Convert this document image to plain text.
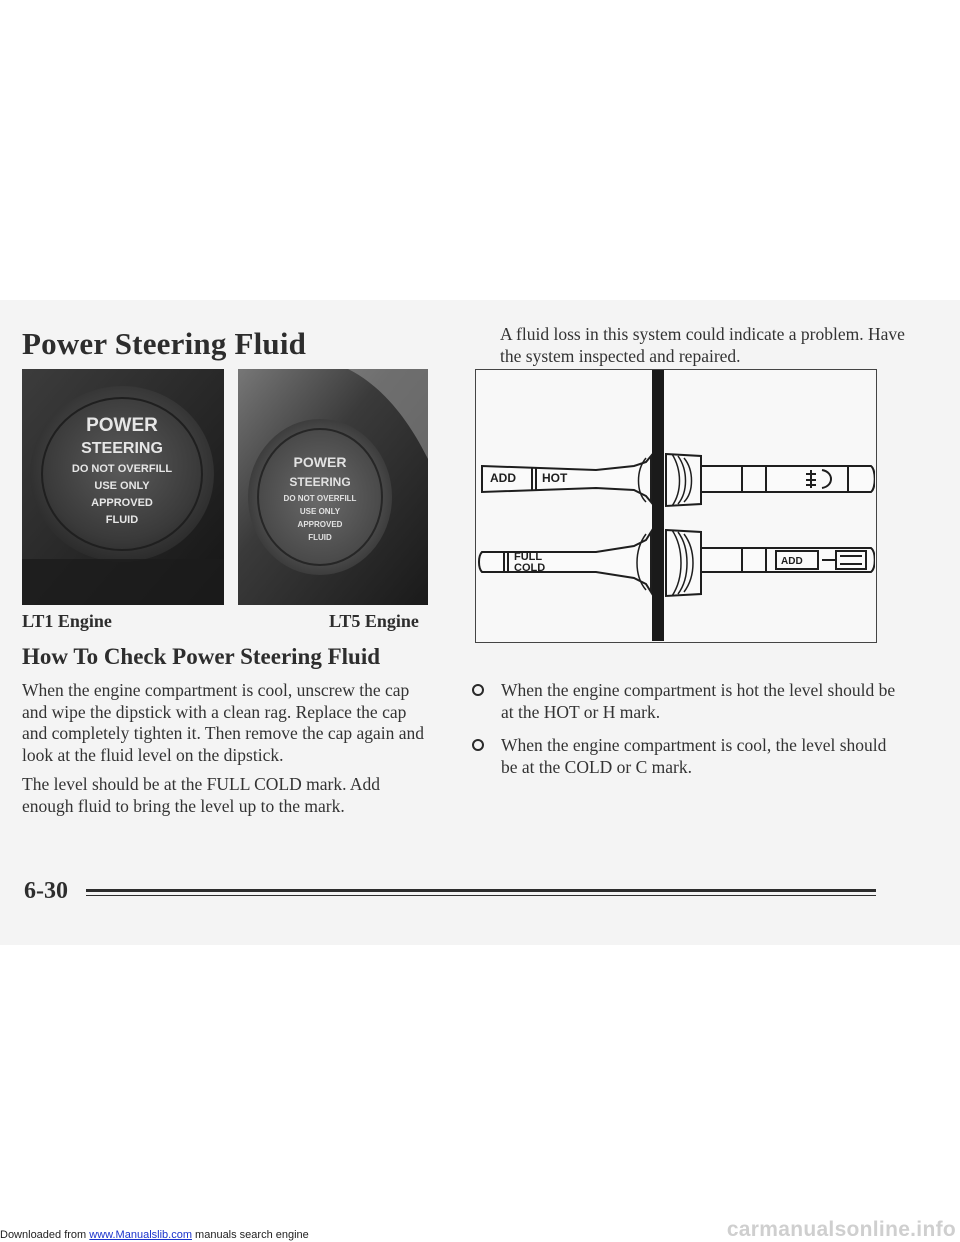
Power Steering Fluid
POWER
STEERING
DO NOT OVERFILL
USE ONLY
APPROVED
FLUID
POWER
STEERING
DO NOT OVERFILL
USE ONLY
APPROVED
FLUID

LT1 Engine	LT5 Engine

How To Check Power Steering Fluid

When the engine compartment is cool, unscrew the cap and wipe the dipstick with a clean rag. Replace the cap and completely tighten it. Then remove the cap again and look at the fluid level on the dipstick.

The level should be at the FULL COLD mark. Add enough fluid to bring the level up to the mark.

A fluid loss in this system could indicate a problem. Have the system inspected and repaired.

ADD HOT
FULL
COLD
ADD
When the engine compartment is hot the level should be at the HOT or H mark.
When the engine compartment is cool, the level should be at the COLD or C mark.

6-30

Downloaded from www.Manualslib.com manuals search engine	carmanualsonline.info
